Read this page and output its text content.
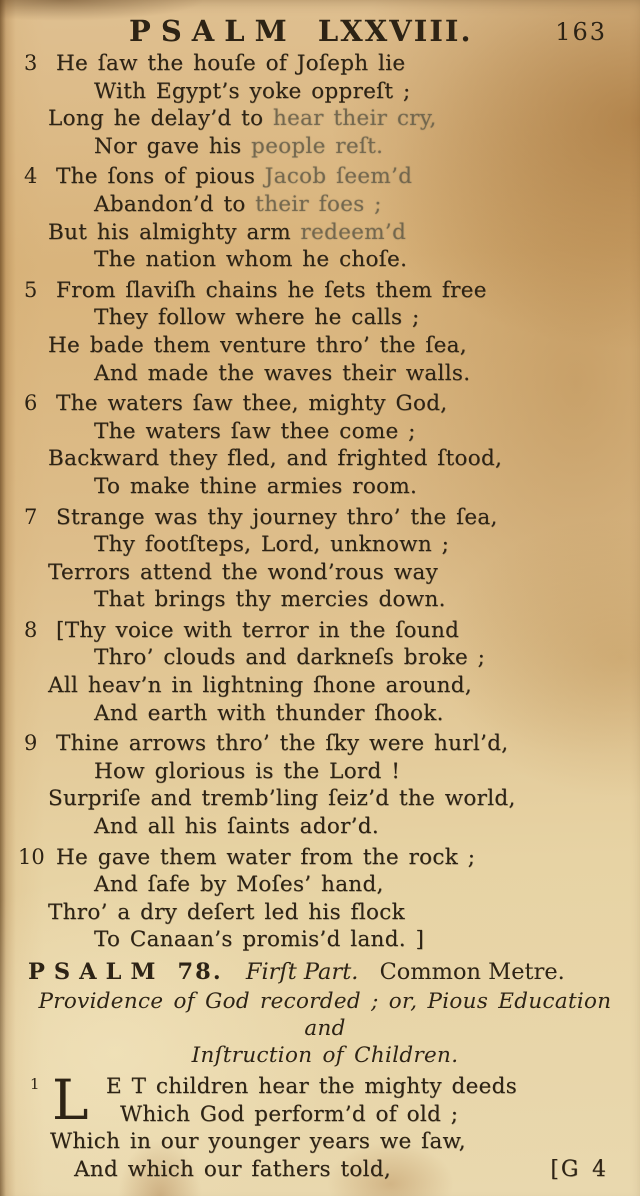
PSALM LXXVIII.	163
3 He ſaw the houſe of Joſeph lie
With Egypt’s yoke oppreſt ;
Long he delay’d to hear their cry,
Nor gave his people reſt.
4 The ſons of pious Jacob ſeem’d
Abandon’d to their foes ;
But his almighty arm redeem’d
The nation whom he choſe.
5 From ſlaviſh chains he ſets them free
They follow where he calls ;
He bade them venture thro’ the ſea,
And made the waves their walls.
6 The waters ſaw thee, mighty God,
The waters ſaw thee come ;
Backward they fled, and frighted ſtood,
To make thine armies room.
7 Strange was thy journey thro’ the ſea,
Thy footſteps, Lord, unknown ;
Terrors attend the wond’rous way
That brings thy mercies down.
8 [Thy voice with terror in the ſound
Thro’ clouds and darkneſs broke ;
All heav’n in lightning ſhone around,
And earth with thunder ſhook.
9 Thine arrows thro’ the ſky were hurl’d,
How glorious is the Lord !
Surpriſe and tremb’ling ſeiz’d the world,
And all his ſaints ador’d.
10 He gave them water from the rock ;
And ſafe by Moſes’ hand,
Thro’ a dry deſert led his flock
To Canaan’s promis’d land. ]
PSALM 78. Firſt Part. Common Metre.
Providence of God recorded ; or, Pious Education and
Inſtruction of Children.
1 L E T children hear the mighty deeds
Which God perform’d of old ;
Which in our younger years we ſaw,
And which our fathers told,	[G 4
